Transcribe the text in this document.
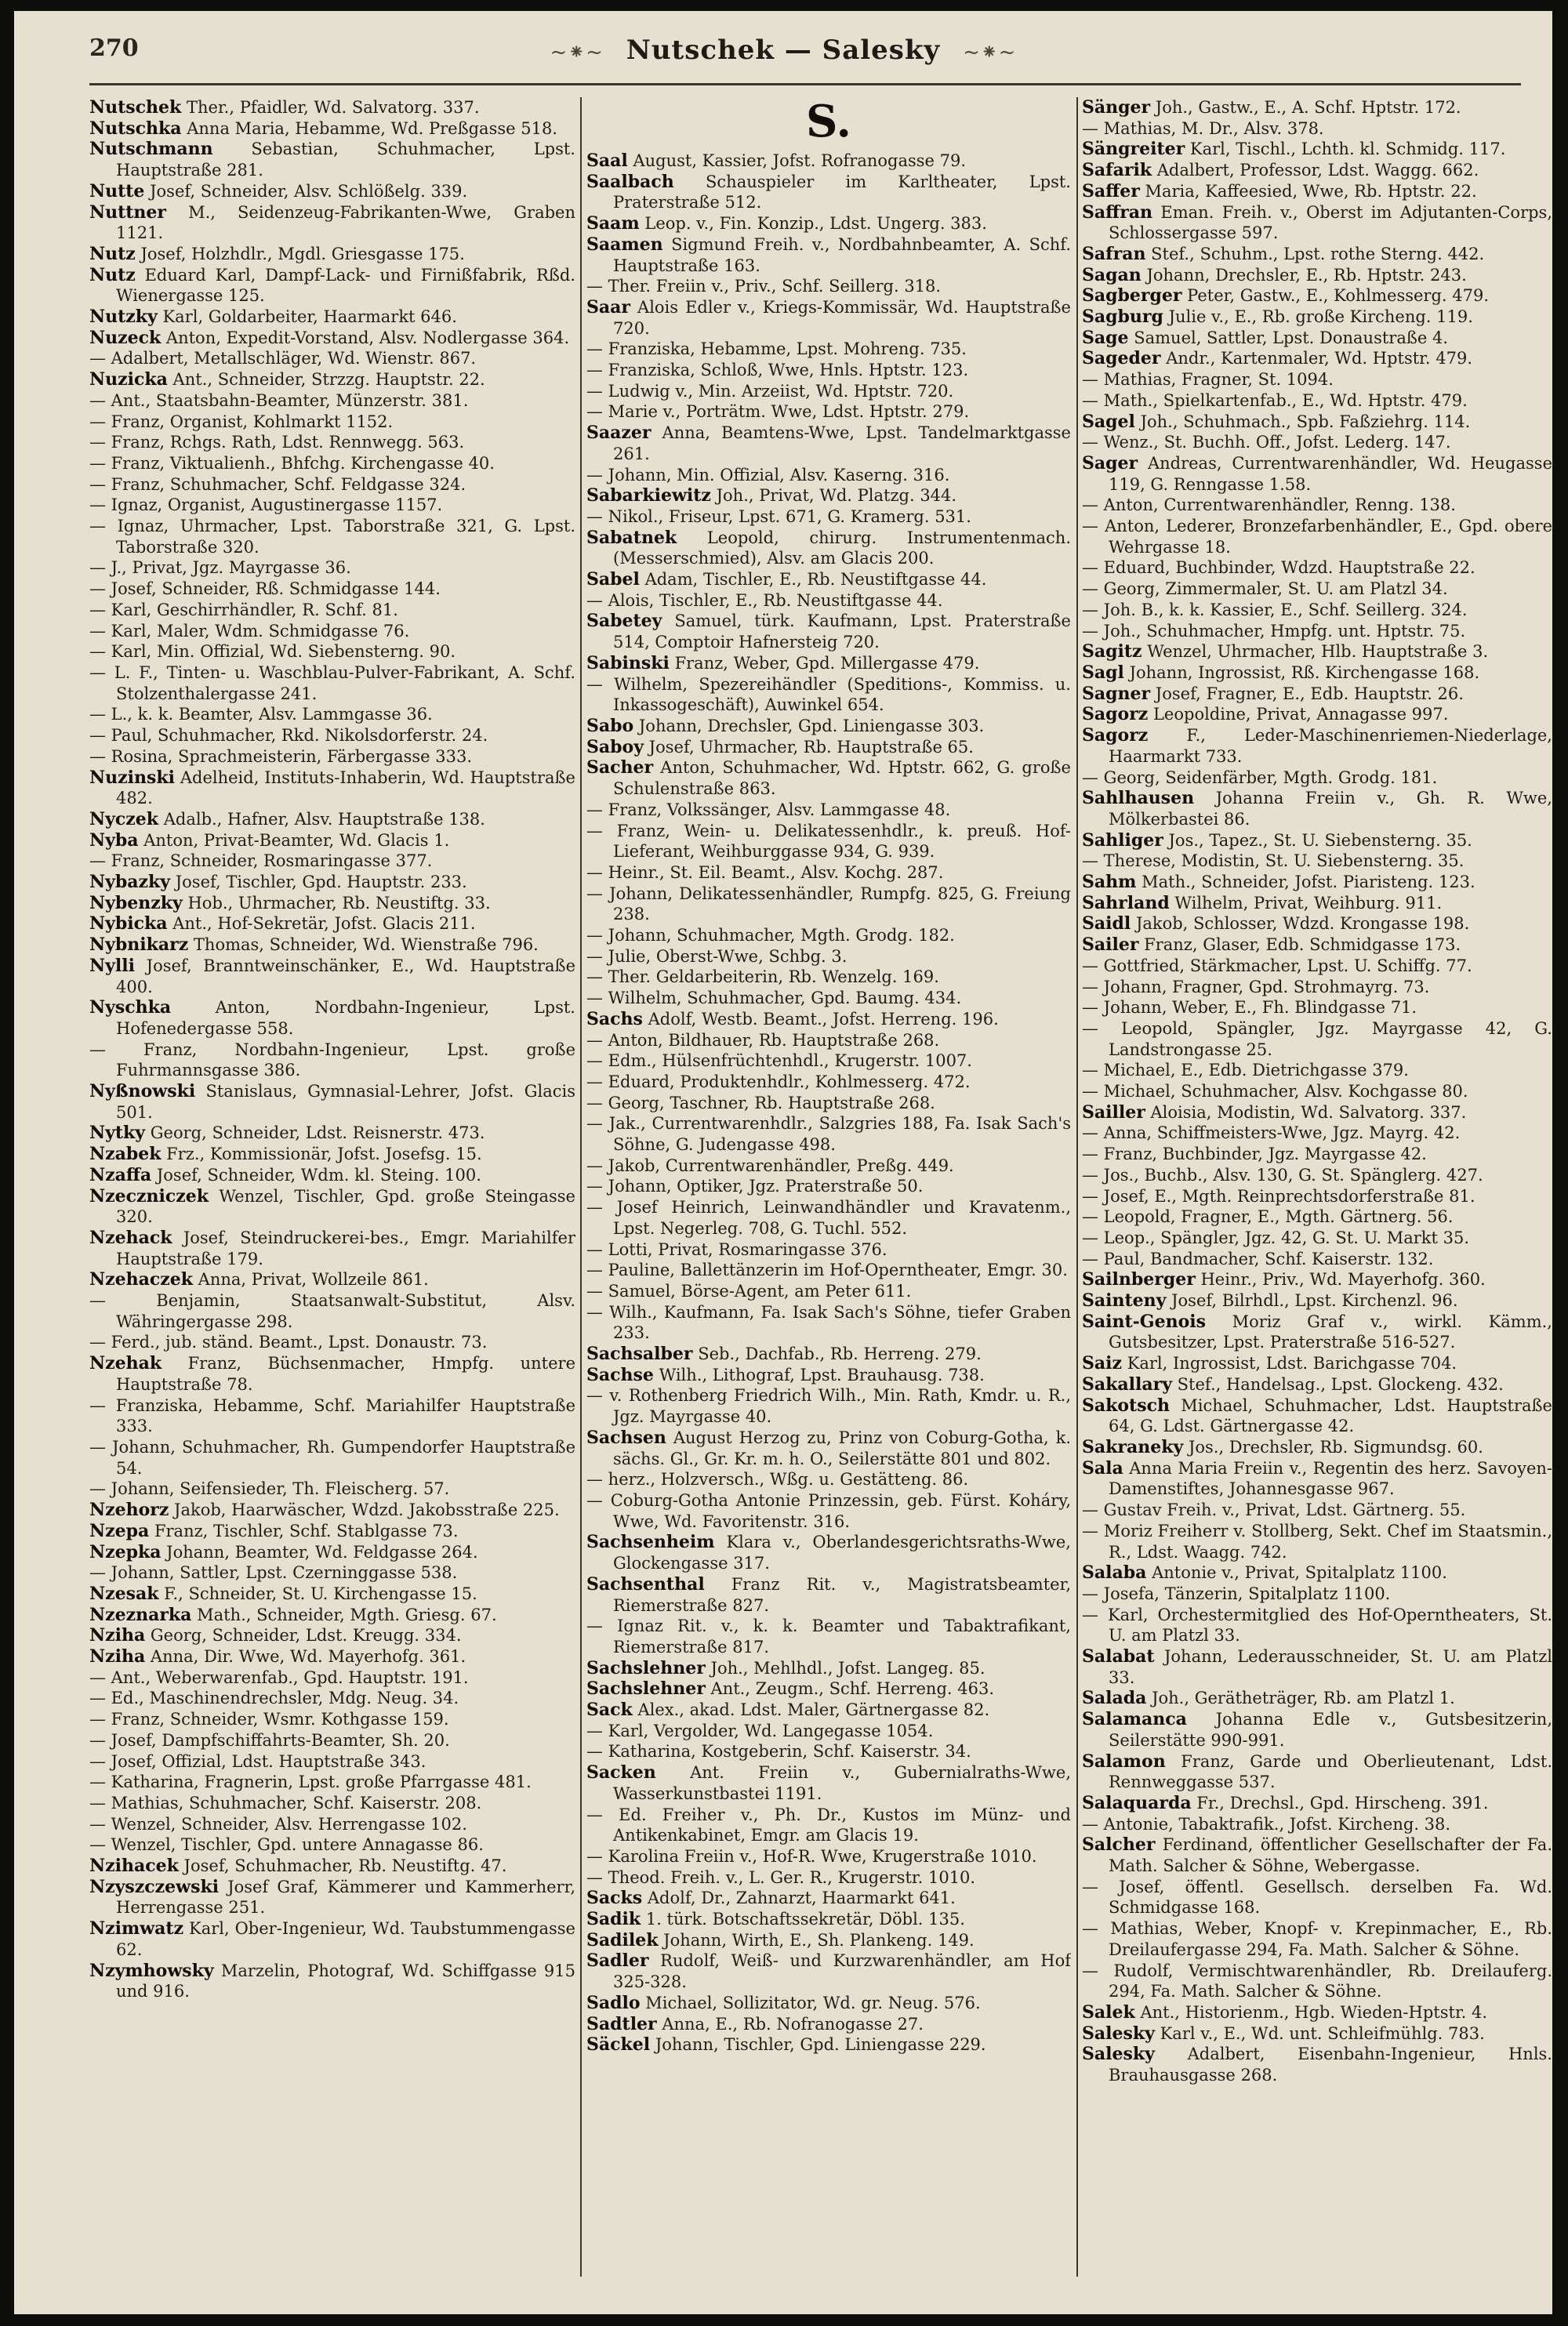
270	~⁕~ Nutschek — Salesky ~⁕~

Nutschek Ther., Pfaidler, Wd. Salvatorg. 337.

Nutschka Anna Maria, Hebamme, Wd. Preßgasse 518.

Nutschmann Sebastian, Schuhmacher, Lpst. Hauptstraße 281.

Nutte Josef, Schneider, Alsv. Schlößelg. 339.

Nuttner M., Seidenzeug-Fabrikanten-Wwe, Graben 1121.

Nutz Josef, Holzhdlr., Mgdl. Griesgasse 175.

Nutz Eduard Karl, Dampf-Lack- und Firnißfabrik, Rßd. Wienergasse 125.

Nutzky Karl, Goldarbeiter, Haarmarkt 646.

Nuzeck Anton, Expedit-Vorstand, Alsv. Nodlergasse 364.

— Adalbert, Metallschläger, Wd. Wienstr. 867.

Nuzicka Ant., Schneider, Strzzg. Hauptstr. 22.

— Ant., Staatsbahn-Beamter, Münzerstr. 381.

— Franz, Organist, Kohlmarkt 1152.

— Franz, Rchgs. Rath, Ldst. Rennwegg. 563.

— Franz, Viktualienh., Bhfchg. Kirchengasse 40.

— Franz, Schuhmacher, Schf. Feldgasse 324.

— Ignaz, Organist, Augustinergasse 1157.

— Ignaz, Uhrmacher, Lpst. Taborstraße 321, G. Lpst. Taborstraße 320.

— J., Privat, Jgz. Mayrgasse 36.

— Josef, Schneider, Rß. Schmidgasse 144.

— Karl, Geschirrhändler, R. Schf. 81.

— Karl, Maler, Wdm. Schmidgasse 76.

— Karl, Min. Offizial, Wd. Siebensterng. 90.

— L. F., Tinten- u. Waschblau-Pulver-Fabrikant, A. Schf. Stolzenthalergasse 241.

— L., k. k. Beamter, Alsv. Lammgasse 36.

— Paul, Schuhmacher, Rkd. Nikolsdorferstr. 24.

— Rosina, Sprachmeisterin, Färbergasse 333.

Nuzinski Adelheid, Instituts-Inhaberin, Wd. Hauptstraße 482.

Nyczek Adalb., Hafner, Alsv. Hauptstraße 138.

Nyba Anton, Privat-Beamter, Wd. Glacis 1.

— Franz, Schneider, Rosmaringasse 377.

Nybazky Josef, Tischler, Gpd. Hauptstr. 233.

Nybenzky Hob., Uhrmacher, Rb. Neustiftg. 33.

Nybicka Ant., Hof-Sekretär, Jofst. Glacis 211.

Nybnikarz Thomas, Schneider, Wd. Wienstraße 796.

Nylli Josef, Branntweinschänker, E., Wd. Hauptstraße 400.

Nyschka	Anton, Nordbahn-Ingenieur, Lpst. Hofenedergasse 558.

— Franz, Nordbahn-Ingenieur, Lpst. große Fuhrmannsgasse 386.

Nyßnowski Stanislaus, Gymnasial-Lehrer, Jofst. Glacis 501.

Nytky Georg, Schneider, Ldst. Reisnerstr. 473.

Nzabek Frz., Kommissionär, Jofst. Josefsg. 15.

Nzaffa Josef, Schneider, Wdm. kl. Steing. 100.

Nzeczniczek Wenzel, Tischler, Gpd. große Steingasse 320.

Nzehack Josef, Steindruckerei-bes., Emgr. Mariahilfer Hauptstraße 179.

Nzehaczek Anna, Privat, Wollzeile 861.

— Benjamin, Staatsanwalt-Substitut, Alsv. Währingergasse 298.

— Ferd., jub. ständ. Beamt., Lpst. Donaustr. 73.

Nzehak Franz, Büchsenmacher, Hmpfg. untere Hauptstraße 78.

— Franziska, Hebamme, Schf. Mariahilfer Hauptstraße 333.

— Johann, Schuhmacher, Rh. Gumpendorfer Hauptstraße 54.

— Johann, Seifensieder, Th. Fleischerg. 57.

Nzehorz Jakob, Haarwäscher, Wdzd. Jakobsstraße 225.

Nzepa Franz, Tischler, Schf. Stablgasse 73.

Nzepka Johann, Beamter, Wd. Feldgasse 264.

— Johann, Sattler, Lpst. Czerninggasse 538.

Nzesak F., Schneider, St. U. Kirchengasse 15.

Nzeznarka Math., Schneider, Mgth. Griesg. 67.

Nziha Georg, Schneider, Ldst. Kreugg. 334.

Nziha Anna, Dir. Wwe, Wd. Mayerhofg. 361.

— Ant., Weberwarenfab., Gpd. Hauptstr. 191.

— Ed., Maschinendrechsler, Mdg. Neug. 34.

— Franz, Schneider, Wsmr. Kothgasse 159.

— Josef, Dampfschiffahrts-Beamter, Sh. 20.

— Josef, Offizial, Ldst. Hauptstraße 343.

— Katharina, Fragnerin, Lpst. große Pfarrgasse 481.

— Mathias, Schuhmacher, Schf. Kaiserstr. 208.

— Wenzel, Schneider, Alsv. Herrengasse 102.

— Wenzel, Tischler, Gpd. untere Annagasse 86.

Nzihacek Josef, Schuhmacher, Rb. Neustiftg. 47.

Nzyszczewski Josef Graf, Kämmerer und Kammerherr, Herrengasse 251.

Nzimwatz Karl, Ober-Ingenieur, Wd. Taubstummengasse 62.

Nzymhowsky Marzelin, Photograf, Wd. Schiffgasse 915 und 916.

S.

Saal August, Kassier, Jofst. Rofranogasse 79.

Saalbach Schauspieler im Karltheater, Lpst. Praterstraße 512.

Saam Leop. v., Fin. Konzip., Ldst. Ungerg. 383.

Saamen Sigmund Freih. v., Nordbahnbeamter, A. Schf. Hauptstraße 163.

— Ther. Freiin v., Priv., Schf. Seillerg. 318.

Saar Alois Edler v., Kriegs-Kommissär, Wd. Hauptstraße 720.

— Franziska, Hebamme, Lpst. Mohreng. 735.

— Franziska, Schloß, Wwe, Hnls. Hptstr. 123.

— Ludwig v., Min. Arzeiist, Wd. Hptstr. 720.

— Marie v., Porträtm. Wwe, Ldst. Hptstr. 279.

Saazer Anna, Beamtens-Wwe, Lpst. Tandelmarktgasse 261.

— Johann, Min. Offizial, Alsv. Kaserng. 316.

Sabarkiewitz Joh., Privat, Wd. Platzg. 344.

— Nikol., Friseur, Lpst. 671, G. Kramerg. 531.

Sabatnek Leopold, chirurg. Instrumentenmach. (Messerschmied), Alsv. am Glacis 200.

Sabel Adam, Tischler, E., Rb. Neustiftgasse 44.

— Alois, Tischler, E., Rb. Neustiftgasse 44.

Sabetey Samuel, türk. Kaufmann, Lpst. Praterstraße 514, Comptoir Hafnersteig 720.

Sabinski Franz, Weber, Gpd. Millergasse 479.

— Wilhelm, Spezereihändler (Speditions-, Kommiss. u. Inkassogeschäft), Auwinkel 654.

Sabo Johann, Drechsler, Gpd. Liniengasse 303.

Saboy Josef, Uhrmacher, Rb. Hauptstraße 65.

Sacher Anton, Schuhmacher, Wd. Hptstr. 662, G. große Schulenstraße 863.

— Franz, Volkssänger, Alsv. Lammgasse 48.

— Franz, Wein- u. Delikatessenhdlr., k. preuß. Hof-Lieferant, Weihburggasse 934, G. 939.

— Heinr., St. Eil. Beamt., Alsv. Kochg. 287.

— Johann, Delikatessenhändler, Rumpfg. 825, G. Freiung 238.

— Johann, Schuhmacher, Mgth. Grodg. 182.

— Julie, Oberst-Wwe, Schbg. 3.

— Ther. Geldarbeiterin, Rb. Wenzelg. 169.

— Wilhelm, Schuhmacher, Gpd. Baumg. 434.

Sachs Adolf, Westb. Beamt., Jofst. Herreng. 196.

— Anton, Bildhauer, Rb. Hauptstraße 268.

— Edm., Hülsenfrüchtenhdl., Krugerstr. 1007.

— Eduard, Produktenhdlr., Kohlmesserg. 472.

— Georg, Taschner, Rb. Hauptstraße 268.

— Jak., Currentwarenhdlr., Salzgries 188, Fa. Isak Sach's Söhne, G. Judengasse 498.

— Jakob, Currentwarenhändler, Preßg. 449.

— Johann, Optiker, Jgz. Praterstraße 50.

— Josef Heinrich, Leinwandhändler und Kravatenm., Lpst. Negerleg. 708, G. Tuchl. 552.

— Lotti, Privat, Rosmaringasse 376.

— Pauline, Ballettänzerin im Hof-Operntheater, Emgr. 30.

— Samuel, Börse-Agent, am Peter 611.

— Wilh., Kaufmann, Fa. Isak Sach's Söhne, tiefer Graben 233.

Sachsalber Seb., Dachfab., Rb. Herreng. 279.

Sachse Wilh., Lithograf, Lpst. Brauhausg. 738.

— v. Rothenberg Friedrich Wilh., Min. Rath, Kmdr. u. R., Jgz. Mayrgasse 40.

Sachsen August Herzog zu, Prinz von Coburg-Gotha, k. sächs. Gl., Gr. Kr. m. h. O., Seilerstätte 801 und 802.

— herz., Holzversch., Wßg. u. Gestätteng. 86.

— Coburg-Gotha Antonie Prinzessin, geb. Fürst. Koháry, Wwe, Wd. Favoritenstr. 316.

Sachsenheim Klara v., Oberlandesgerichtsraths-Wwe, Glockengasse 317.

Sachsenthal Franz Rit. v., Magistratsbeamter, Riemerstraße 827.

— Ignaz Rit. v., k. k. Beamter und Tabaktrafikant, Riemerstraße 817.

Sachslehner Joh., Mehlhdl., Jofst. Langeg. 85.

Sachslehner Ant., Zeugm., Schf. Herreng. 463.

Sack Alex., akad. Ldst. Maler, Gärtnergasse 82.

— Karl, Vergolder, Wd. Langegasse 1054.

— Katharina, Kostgeberin, Schf. Kaiserstr. 34.

Sacken Ant. Freiin v., Gubernialraths-Wwe, Wasserkunstbastei 1191.

— Ed. Freiher v., Ph. Dr., Kustos im Münz- und Antikenkabinet, Emgr. am Glacis 19.

— Karolina Freiin v., Hof-R. Wwe, Krugerstraße 1010.

— Theod. Freih. v., L. Ger. R., Krugerstr. 1010.

Sacks Adolf, Dr., Zahnarzt, Haarmarkt 641.

Sadik 1. türk. Botschaftssekretär, Döbl. 135.

Sadilek Johann, Wirth, E., Sh. Plankeng. 149.

Sadler Rudolf, Weiß- und Kurzwarenhändler, am Hof 325-328.

Sadlo Michael, Sollizitator, Wd. gr. Neug. 576.

Sadtler Anna, E., Rb. Nofranogasse 27.

Säckel Johann, Tischler, Gpd. Liniengasse 229.

Sänger Joh., Gastw., E., A. Schf. Hptstr. 172.

— Mathias, M. Dr., Alsv. 378.

Sängreiter Karl, Tischl., Lchth. kl. Schmidg. 117.

Safarik Adalbert, Professor, Ldst. Waggg. 662.

Saffer Maria, Kaffeesied, Wwe, Rb. Hptstr. 22.

Saffran Eman. Freih. v., Oberst im Adjutanten-Corps, Schlossergasse 597.

Safran Stef., Schuhm., Lpst. rothe Sterng. 442.

Sagan Johann, Drechsler, E., Rb. Hptstr. 243.

Sagberger Peter, Gastw., E., Kohlmesserg. 479.

Sagburg Julie v., E., Rb. große Kircheng. 119.

Sage Samuel, Sattler, Lpst. Donaustraße 4.

Sageder Andr., Kartenmaler, Wd. Hptstr. 479.

— Mathias, Fragner, St. 1094.

— Math., Spielkartenfab., E., Wd. Hptstr. 479.

Sagel Joh., Schuhmach., Spb. Faßziehrg. 114.

— Wenz., St. Buchh. Off., Jofst. Lederg. 147.

Sager Andreas, Currentwarenhändler, Wd. Heugasse 119, G. Renngasse 1.58.

— Anton, Currentwarenhändler, Renng. 138.

— Anton, Lederer, Bronzefarbenhändler, E., Gpd. obere Wehrgasse 18.

— Eduard, Buchbinder, Wdzd. Hauptstraße 22.

— Georg, Zimmermaler, St. U. am Platzl 34.

— Joh. B., k. k. Kassier, E., Schf. Seillerg. 324.

— Joh., Schuhmacher, Hmpfg. unt. Hptstr. 75.

Sagitz Wenzel, Uhrmacher, Hlb. Hauptstraße 3.

Sagl Johann, Ingrossist, Rß. Kirchengasse 168.

Sagner Josef, Fragner, E., Edb. Hauptstr. 26.

Sagorz Leopoldine, Privat, Annagasse 997.

Sagorz F., Leder-Maschinenriemen-Niederlage, Haarmarkt 733.

— Georg, Seidenfärber, Mgth. Grodg. 181.

Sahlhausen Johanna Freiin v., Gh. R. Wwe, Mölkerbastei 86.

Sahliger Jos., Tapez., St. U. Siebensterng. 35.

— Therese, Modistin, St. U. Siebensterng. 35.

Sahm Math., Schneider, Jofst. Piaristeng. 123.

Sahrland Wilhelm, Privat, Weihburg. 911.

Saidl Jakob, Schlosser, Wdzd. Krongasse 198.

Sailer Franz, Glaser, Edb. Schmidgasse 173.

— Gottfried, Stärkmacher, Lpst. U. Schiffg. 77.

— Johann, Fragner, Gpd. Strohmayrg. 73.

— Johann, Weber, E., Fh. Blindgasse 71.

— Leopold, Spängler, Jgz. Mayrgasse 42, G. Landstrongasse 25.

— Michael, E., Edb. Dietrichgasse 379.

— Michael, Schuhmacher, Alsv. Kochgasse 80.

Sailler Aloisia, Modistin, Wd. Salvatorg. 337.

— Anna, Schiffmeisters-Wwe, Jgz. Mayrg. 42.

— Franz, Buchbinder, Jgz. Mayrgasse 42.

— Jos., Buchb., Alsv. 130, G. St. Spänglerg. 427.

— Josef, E., Mgth. Reinprechtsdorferstraße 81.

— Leopold, Fragner, E., Mgth. Gärtnerg. 56.

— Leop., Spängler, Jgz. 42, G. St. U. Markt 35.

— Paul, Bandmacher, Schf. Kaiserstr. 132.

Sailnberger Heinr., Priv., Wd. Mayerhofg. 360.

Sainteny Josef, Bilrhdl., Lpst. Kirchenzl. 96.

Saint-Genois Moriz Graf v., wirkl. Kämm., Gutsbesitzer, Lpst. Praterstraße 516-527.

Saiz Karl, Ingrossist, Ldst. Barichgasse 704.

Sakallary Stef., Handelsag., Lpst. Glockeng. 432.

Sakotsch Michael, Schuhmacher, Ldst. Hauptstraße 64, G. Ldst. Gärtnergasse 42.

Sakraneky Jos., Drechsler, Rb. Sigmundsg. 60.

Sala Anna Maria Freiin v., Regentin des herz. Savoyen-Damenstiftes, Johannesgasse 967.

— Gustav Freih. v., Privat, Ldst. Gärtnerg. 55.

— Moriz Freiherr v. Stollberg, Sekt. Chef im Staatsmin., R., Ldst. Waagg. 742.

Salaba Antonie v., Privat, Spitalplatz 1100.

— Josefa, Tänzerin, Spitalplatz 1100.

— Karl, Orchestermitglied des Hof-Operntheaters, St. U. am Platzl 33.

Salabat Johann, Lederausschneider, St. U. am Platzl 33.

Salada Joh., Gerätheträger, Rb. am Platzl 1.

Salamanca Johanna Edle v., Gutsbesitzerin, Seilerstätte 990-991.

Salamon Franz, Garde und Oberlieutenant, Ldst. Rennweggasse 537.

Salaquarda Fr., Drechsl., Gpd. Hirscheng. 391.

— Antonie, Tabaktrafik., Jofst. Kircheng. 38.

Salcher Ferdinand, öffentlicher Gesellschafter der Fa. Math. Salcher & Söhne, Webergasse.

— Josef, öffentl. Gesellsch. derselben Fa. Wd. Schmidgasse 168.

— Mathias, Weber, Knopf- v. Krepinmacher, E., Rb. Dreilaufergasse 294, Fa. Math. Salcher & Söhne.

— Rudolf, Vermischtwarenhändler, Rb. Dreilauferg. 294, Fa. Math. Salcher & Söhne.

Salek Ant., Historienm., Hgb. Wieden-Hptstr. 4.

Salesky Karl v., E., Wd. unt. Schleifmühlg. 783.

Salesky Adalbert, Eisenbahn-Ingenieur, Hnls. Brauhausgasse 268.
